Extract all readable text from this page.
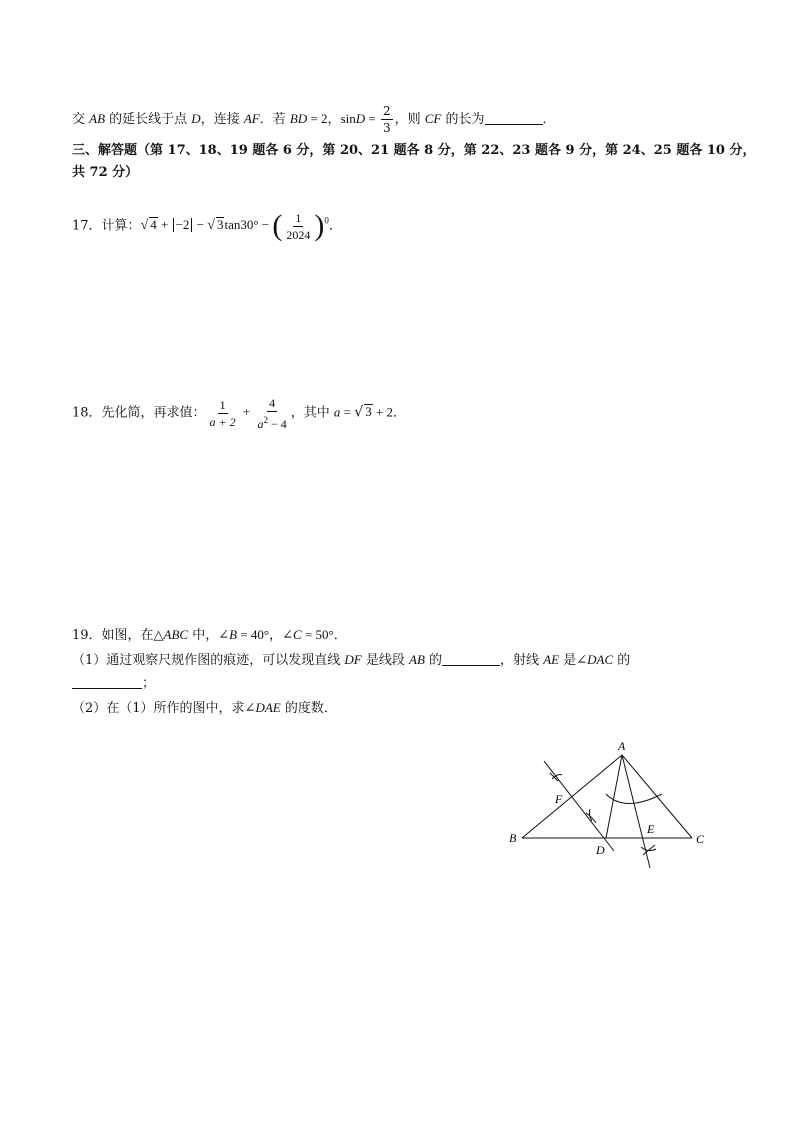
交 AB 的延长线于点 D，连接 AF．若 BD = 2，$\sin D = \frac{2}{3}$ ，则 CF 的长为	．
三、解答题（第 17、18、19 题各 6 分，第 20、21 题各 8 分，第 22、23 题各 9 分，第 24、25 题各 10 分，
共 72 分）
17．计算：√ 4 + −2 − √ 3tan30° − ( $\frac{1}{2024} )^0$．
18．先化简，再求值： $\frac{1}{a + 2} + \frac{4}{a^2 - 4}$ ，其中 a = √ 3 + 2．
19．如图，在△ABC 中，∠B = 40°，∠C = 50°．
（1）通过观察尺规作图的痕迹，可以发现直线 DF 是线段 AB 的	，射线 AE 是∠DAC 的
；
（2）在（1）所作的图中，求∠DAE 的度数．
A
B	C
D
E
F
